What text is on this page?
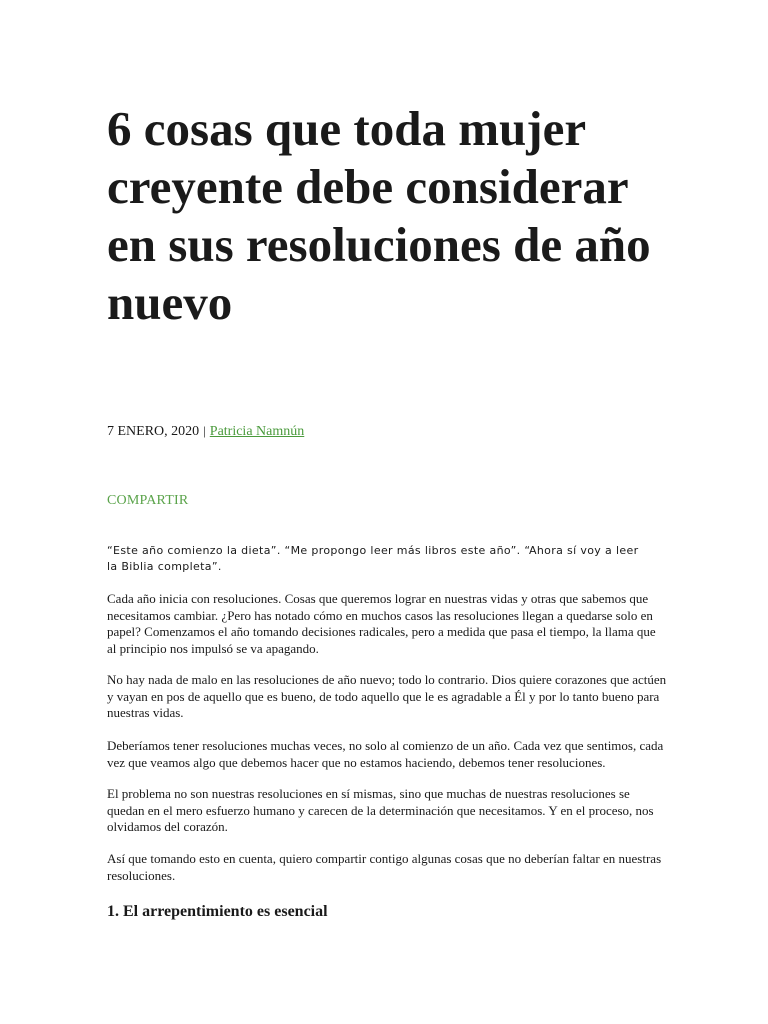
6 cosas que toda mujer creyente debe considerar en sus resoluciones de año nuevo
7 ENERO, 2020 | Patricia Namnún
COMPARTIR

“Este año comienzo la dieta”. “Me propongo leer más libros este año”. “Ahora sí voy a leer la Biblia completa”.

Cada año inicia con resoluciones. Cosas que queremos lograr en nuestras vidas y otras que sabemos que necesitamos cambiar. ¿Pero has notado cómo en muchos casos las resoluciones llegan a quedarse solo en papel? Comenzamos el año tomando decisiones radicales, pero a medida que pasa el tiempo, la llama que al principio nos impulsó se va apagando.

No hay nada de malo en las resoluciones de año nuevo; todo lo contrario. Dios quiere corazones que actúen y vayan en pos de aquello que es bueno, de todo aquello que le es agradable a Él y por lo tanto bueno para nuestras vidas.

Deberíamos tener resoluciones muchas veces, no solo al comienzo de un año. Cada vez que sentimos, cada vez que veamos algo que debemos hacer que no estamos haciendo, debemos tener resoluciones.

El problema no son nuestras resoluciones en sí mismas, sino que muchas de nuestras resoluciones se quedan en el mero esfuerzo humano y carecen de la determinación que necesitamos. Y en el proceso, nos olvidamos del corazón.

Así que tomando esto en cuenta, quiero compartir contigo algunas cosas que no deberían faltar en nuestras resoluciones.

1. El arrepentimiento es esencial
